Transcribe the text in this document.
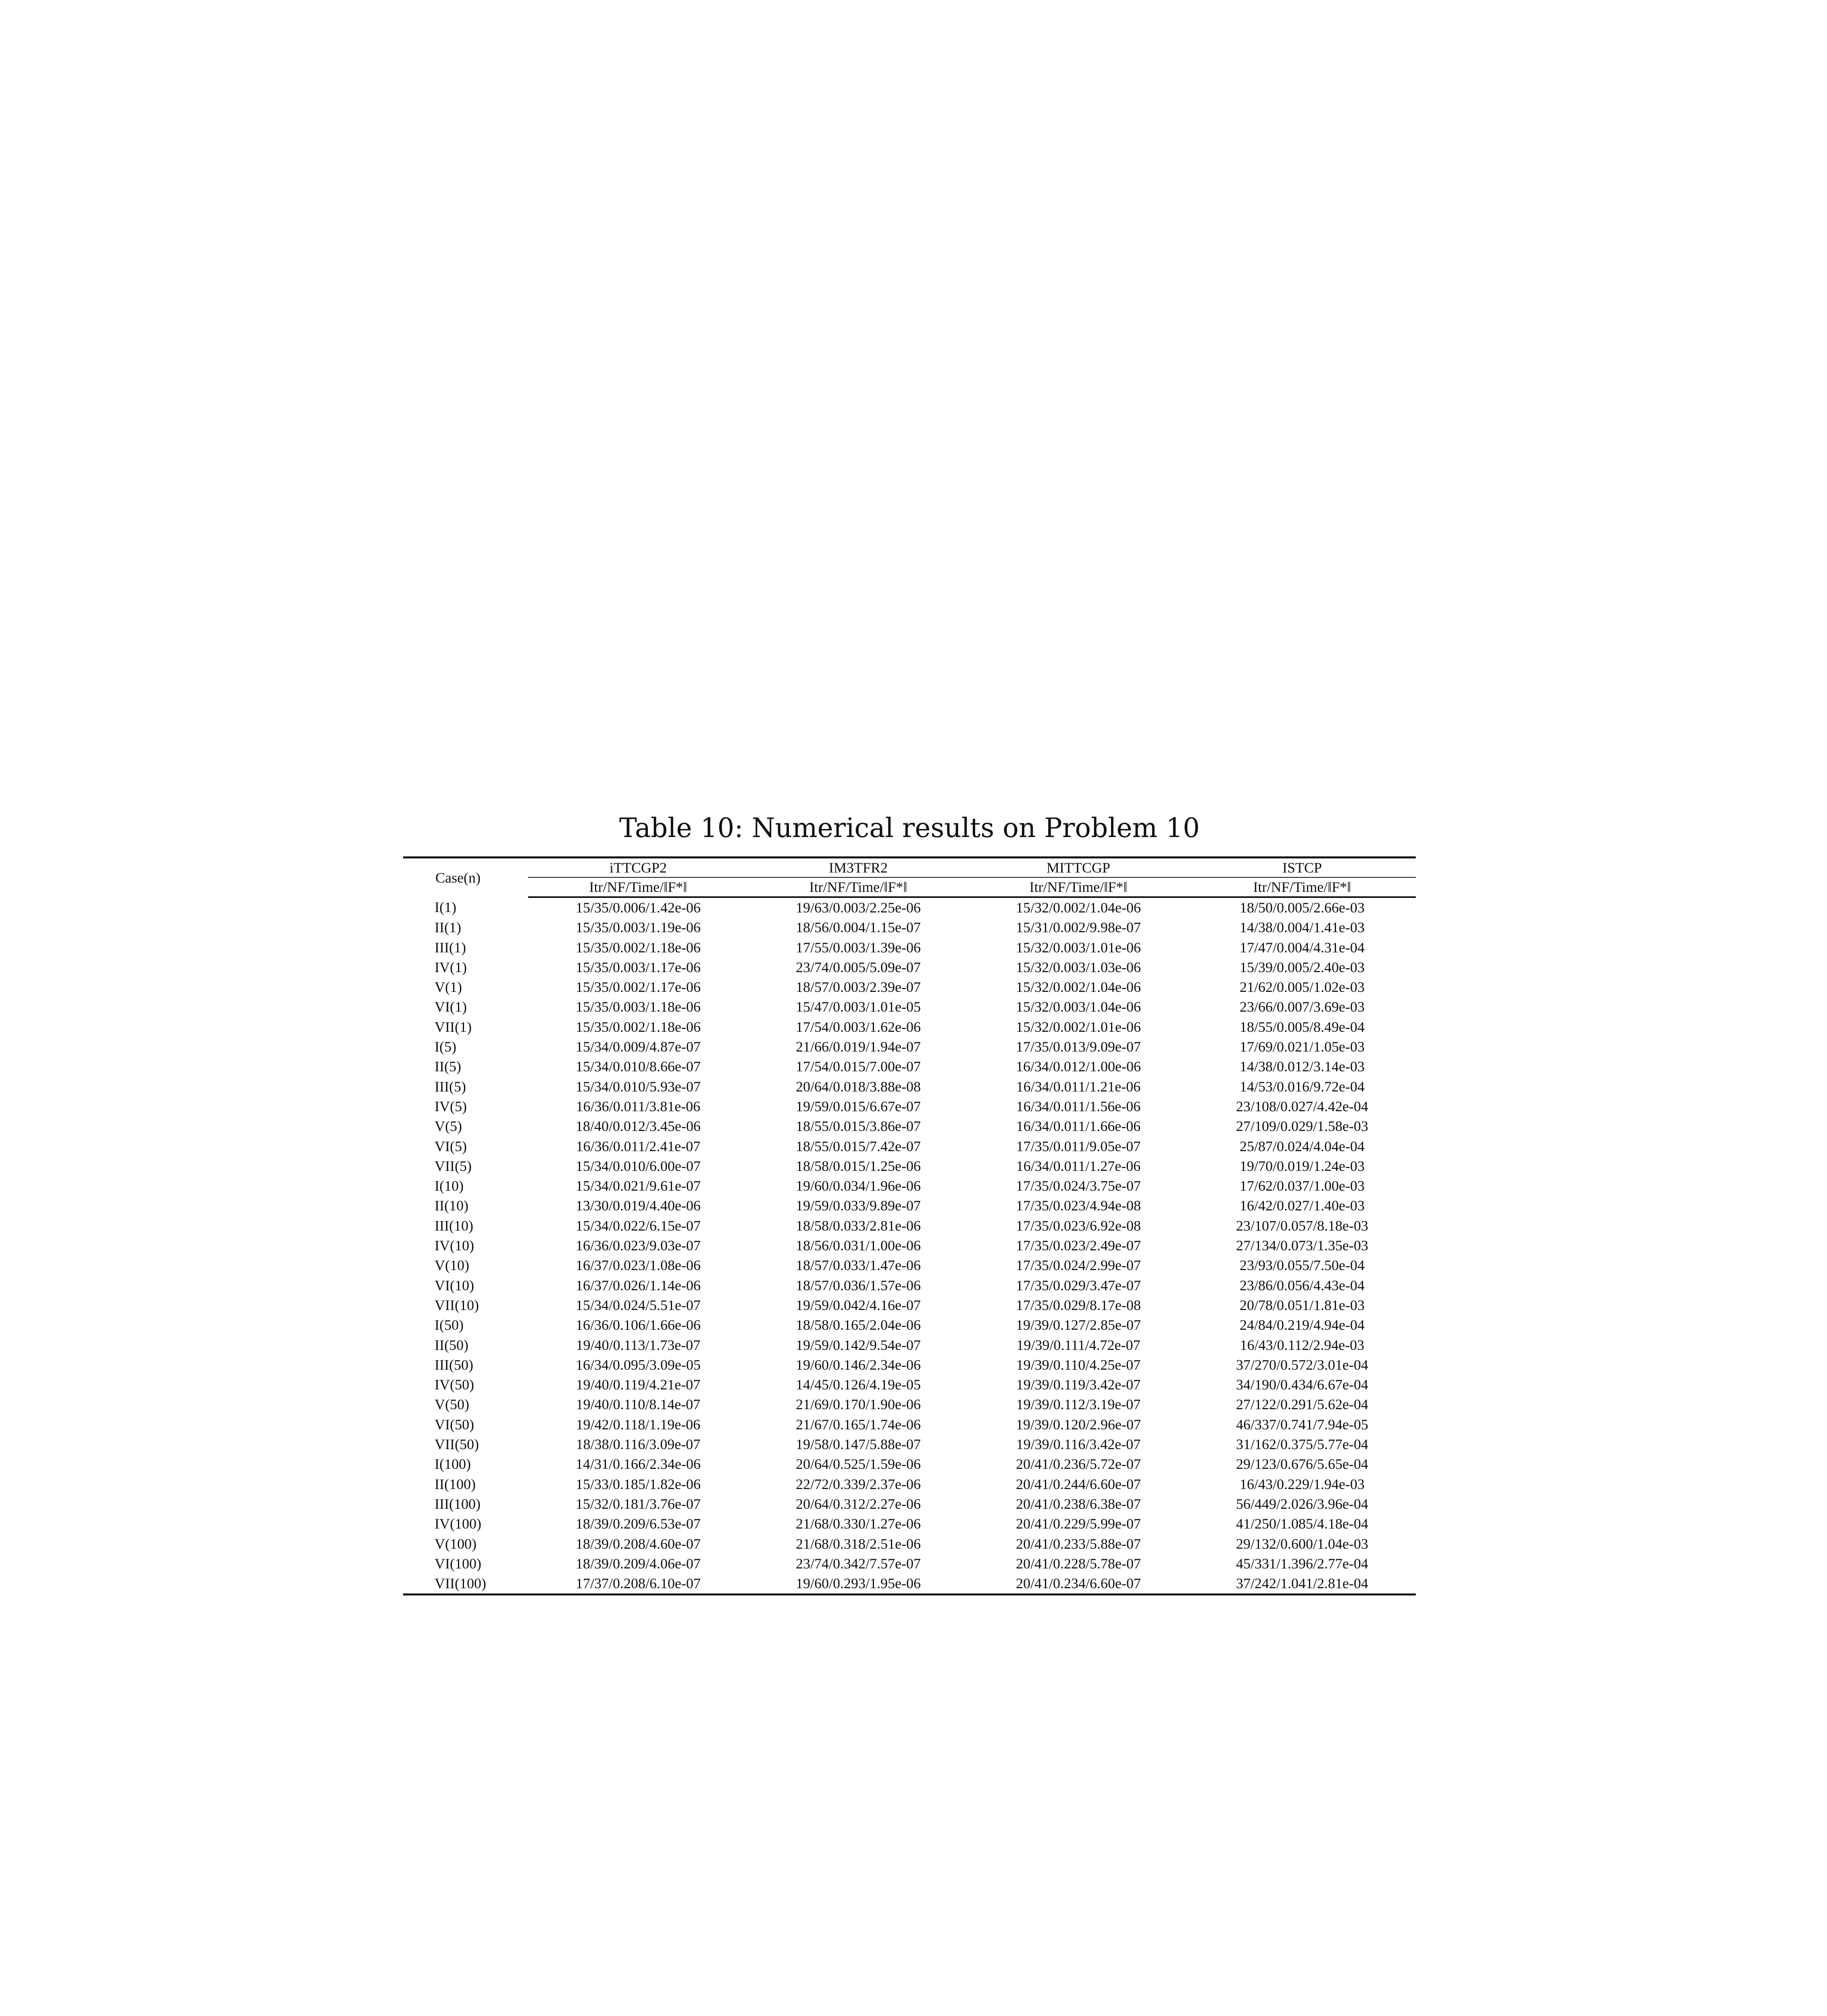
Table 10: Numerical results on Problem 10
Case(n)	iTTCGP2	IM3TFR2	MITTCGP	ISTCP
	Itr/NF/Time/‖F*‖	Itr/NF/Time/‖F*‖	Itr/NF/Time/‖F*‖	Itr/NF/Time/‖F*‖
I(1)	15/35/0.006/1.42e-06	19/63/0.003/2.25e-06	15/32/0.002/1.04e-06	18/50/0.005/2.66e-03
II(1)	15/35/0.003/1.19e-06	18/56/0.004/1.15e-07	15/31/0.002/9.98e-07	14/38/0.004/1.41e-03
III(1)	15/35/0.002/1.18e-06	17/55/0.003/1.39e-06	15/32/0.003/1.01e-06	17/47/0.004/4.31e-04
IV(1)	15/35/0.003/1.17e-06	23/74/0.005/5.09e-07	15/32/0.003/1.03e-06	15/39/0.005/2.40e-03
V(1)	15/35/0.002/1.17e-06	18/57/0.003/2.39e-07	15/32/0.002/1.04e-06	21/62/0.005/1.02e-03
VI(1)	15/35/0.003/1.18e-06	15/47/0.003/1.01e-05	15/32/0.003/1.04e-06	23/66/0.007/3.69e-03
VII(1)	15/35/0.002/1.18e-06	17/54/0.003/1.62e-06	15/32/0.002/1.01e-06	18/55/0.005/8.49e-04
I(5)	15/34/0.009/4.87e-07	21/66/0.019/1.94e-07	17/35/0.013/9.09e-07	17/69/0.021/1.05e-03
II(5)	15/34/0.010/8.66e-07	17/54/0.015/7.00e-07	16/34/0.012/1.00e-06	14/38/0.012/3.14e-03
III(5)	15/34/0.010/5.93e-07	20/64/0.018/3.88e-08	16/34/0.011/1.21e-06	14/53/0.016/9.72e-04
IV(5)	16/36/0.011/3.81e-06	19/59/0.015/6.67e-07	16/34/0.011/1.56e-06	23/108/0.027/4.42e-04
V(5)	18/40/0.012/3.45e-06	18/55/0.015/3.86e-07	16/34/0.011/1.66e-06	27/109/0.029/1.58e-03
VI(5)	16/36/0.011/2.41e-07	18/55/0.015/7.42e-07	17/35/0.011/9.05e-07	25/87/0.024/4.04e-04
VII(5)	15/34/0.010/6.00e-07	18/58/0.015/1.25e-06	16/34/0.011/1.27e-06	19/70/0.019/1.24e-03
I(10)	15/34/0.021/9.61e-07	19/60/0.034/1.96e-06	17/35/0.024/3.75e-07	17/62/0.037/1.00e-03
II(10)	13/30/0.019/4.40e-06	19/59/0.033/9.89e-07	17/35/0.023/4.94e-08	16/42/0.027/1.40e-03
III(10)	15/34/0.022/6.15e-07	18/58/0.033/2.81e-06	17/35/0.023/6.92e-08	23/107/0.057/8.18e-03
IV(10)	16/36/0.023/9.03e-07	18/56/0.031/1.00e-06	17/35/0.023/2.49e-07	27/134/0.073/1.35e-03
V(10)	16/37/0.023/1.08e-06	18/57/0.033/1.47e-06	17/35/0.024/2.99e-07	23/93/0.055/7.50e-04
VI(10)	16/37/0.026/1.14e-06	18/57/0.036/1.57e-06	17/35/0.029/3.47e-07	23/86/0.056/4.43e-04
VII(10)	15/34/0.024/5.51e-07	19/59/0.042/4.16e-07	17/35/0.029/8.17e-08	20/78/0.051/1.81e-03
I(50)	16/36/0.106/1.66e-06	18/58/0.165/2.04e-06	19/39/0.127/2.85e-07	24/84/0.219/4.94e-04
II(50)	19/40/0.113/1.73e-07	19/59/0.142/9.54e-07	19/39/0.111/4.72e-07	16/43/0.112/2.94e-03
III(50)	16/34/0.095/3.09e-05	19/60/0.146/2.34e-06	19/39/0.110/4.25e-07	37/270/0.572/3.01e-04
IV(50)	19/40/0.119/4.21e-07	14/45/0.126/4.19e-05	19/39/0.119/3.42e-07	34/190/0.434/6.67e-04
V(50)	19/40/0.110/8.14e-07	21/69/0.170/1.90e-06	19/39/0.112/3.19e-07	27/122/0.291/5.62e-04
VI(50)	19/42/0.118/1.19e-06	21/67/0.165/1.74e-06	19/39/0.120/2.96e-07	46/337/0.741/7.94e-05
VII(50)	18/38/0.116/3.09e-07	19/58/0.147/5.88e-07	19/39/0.116/3.42e-07	31/162/0.375/5.77e-04
I(100)	14/31/0.166/2.34e-06	20/64/0.525/1.59e-06	20/41/0.236/5.72e-07	29/123/0.676/5.65e-04
II(100)	15/33/0.185/1.82e-06	22/72/0.339/2.37e-06	20/41/0.244/6.60e-07	16/43/0.229/1.94e-03
III(100)	15/32/0.181/3.76e-07	20/64/0.312/2.27e-06	20/41/0.238/6.38e-07	56/449/2.026/3.96e-04
IV(100)	18/39/0.209/6.53e-07	21/68/0.330/1.27e-06	20/41/0.229/5.99e-07	41/250/1.085/4.18e-04
V(100)	18/39/0.208/4.60e-07	21/68/0.318/2.51e-06	20/41/0.233/5.88e-07	29/132/0.600/1.04e-03
VI(100)	18/39/0.209/4.06e-07	23/74/0.342/7.57e-07	20/41/0.228/5.78e-07	45/331/1.396/2.77e-04
VII(100)	17/37/0.208/6.10e-07	19/60/0.293/1.95e-06	20/41/0.234/6.60e-07	37/242/1.041/2.81e-04
